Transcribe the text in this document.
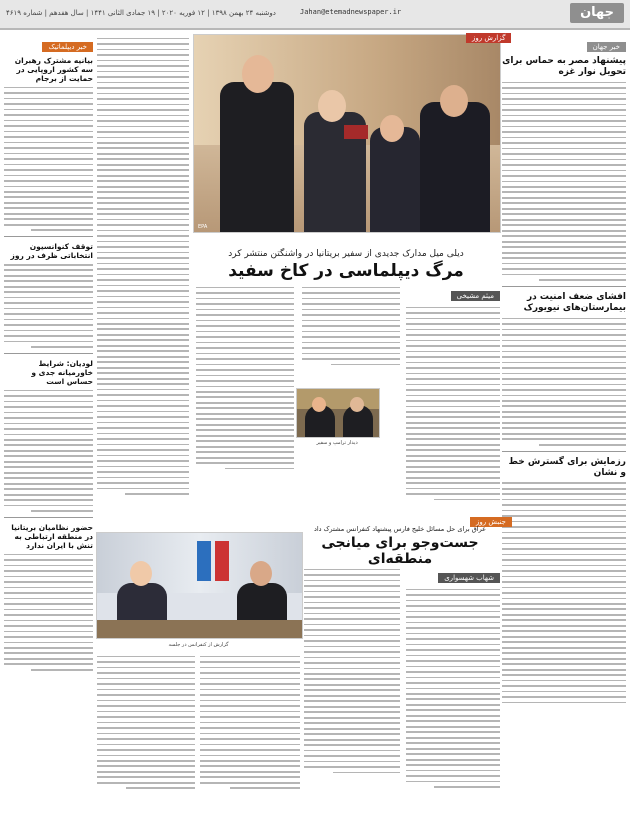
جهان
Jahan@etemadnewspaper.ir
دوشنبه ۲۴ بهمن ۱۳۹۸ | ۱۲ فوریه ۲۰۲۰ | ۱۹ جمادی الثانی ۱۴۴۱ | سال هفدهم | شماره ۴۶۱۹
خبر جهان
پیشنهاد مصر به حماس برای تحویل نوار غزه
افشای ضعف امنیت در بیمارستان‌های نیویورک
رزمایش برای گسترش خط و نشان
خبر دیپلماتیک
بیانیه مشترک رهبران سه کشور اروپایی در حمایت از برجام
توقف کنوانسیون انتخاباتی ظرف در روز
لودیان: شرایط خاورمیانه جدی و حساس است
حضور نظامیان بریتانیا در منطقه ارتباطی به تنش با ایران ندارد
گزارش روز
EPA

دیلی میل مدارک جدیدی از سفیر بریتانیا در واشنگتن منتشر کرد

مرگ دیپلماسی در کاخ سفید

میثم مشیخی
دیدار ترامپ و سفیر
جنبش روز

عراق برای حل مسائل خلیج فارس پیشنهاد کنفرانس مشترک داد

جست‌وجو برای میانجی منطقه‌ای

گزارش از کنفرانس در جلسه
شهاب شهسواری
